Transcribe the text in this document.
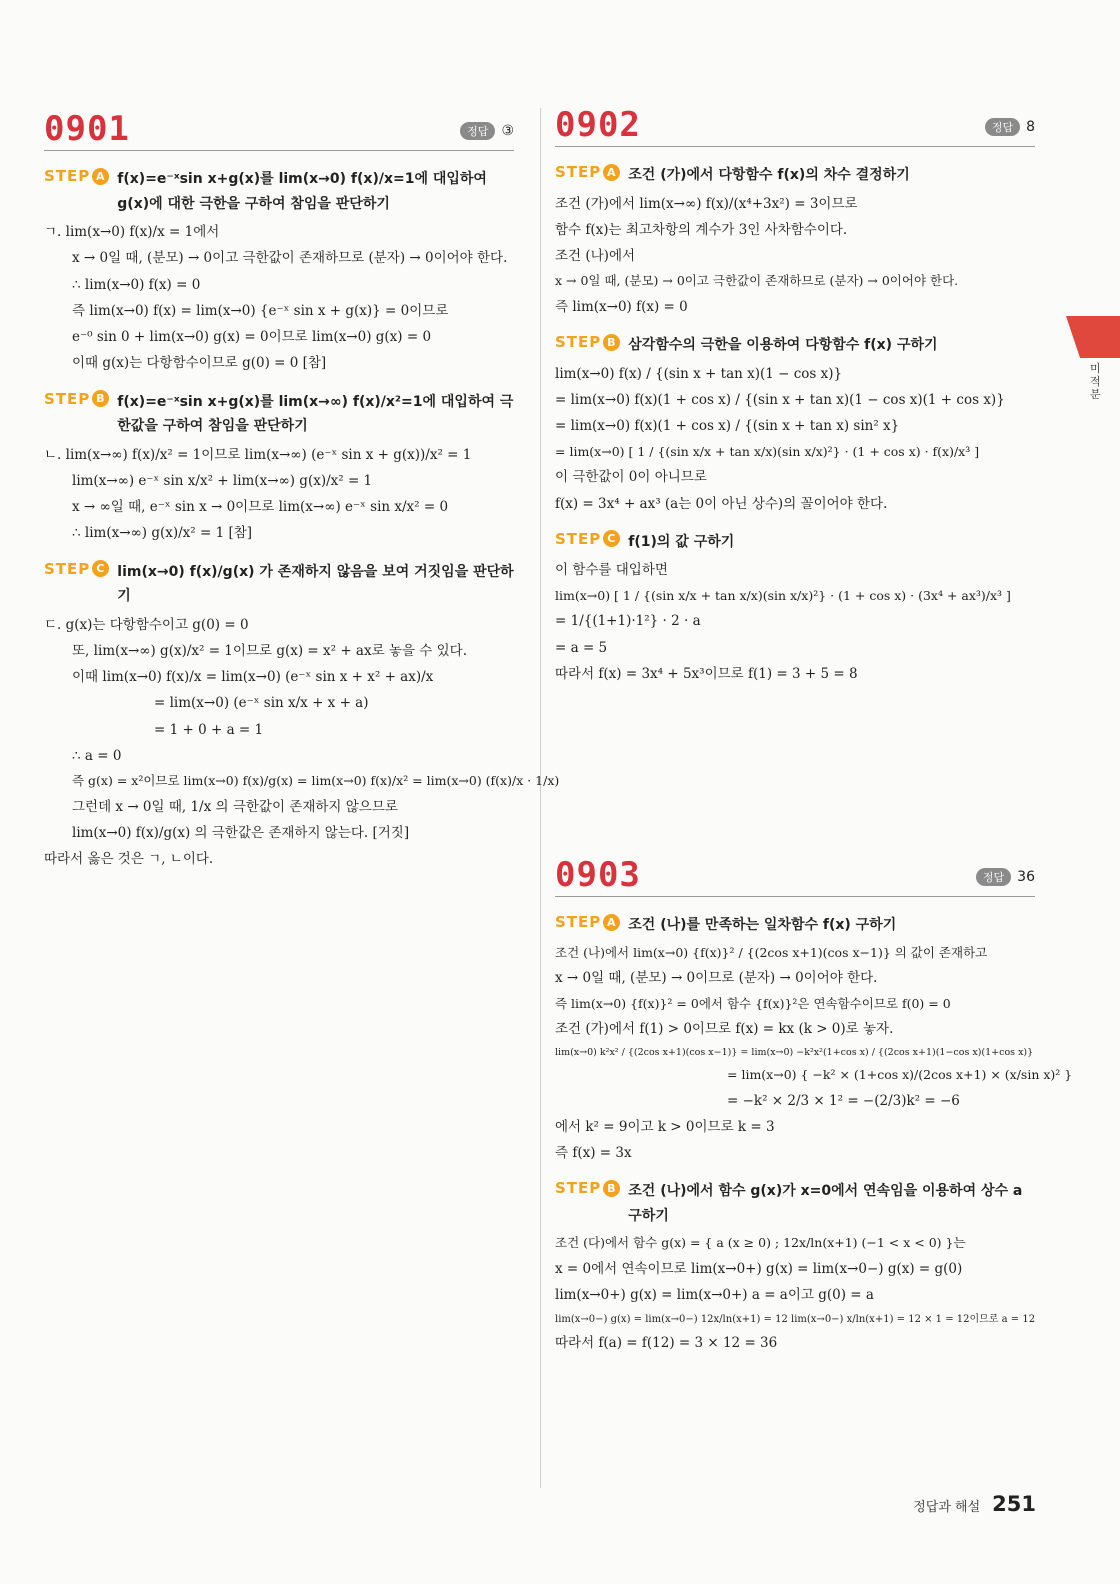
0901	정답 ③
STEP A f(x)=e⁻ˣsin x+g(x)를 lim(x→0) f(x)/x=1에 대입하여 g(x)에 대한 극한을 구하여 참임을 판단하기
ㄱ. lim(x→0) f(x)/x = 1에서
x → 0일 때, (분모) → 0이고 극한값이 존재하므로 (분자) → 0이어야 한다.
∴ lim(x→0) f(x) = 0
즉 lim(x→0) f(x) = lim(x→0) {e⁻ˣ sin x + g(x)} = 0이므로
e⁻⁰ sin 0 + lim(x→0) g(x) = 0이므로 lim(x→0) g(x) = 0
이때 g(x)는 다항함수이므로 g(0) = 0 [참]
STEP B f(x)=e⁻ˣsin x+g(x)를 lim(x→∞) f(x)/x²=1에 대입하여 극한값을 구하여 참임을 판단하기
ㄴ. lim(x→∞) f(x)/x² = 1이므로 lim(x→∞) (e⁻ˣ sin x + g(x))/x² = 1
lim(x→∞) e⁻ˣ sin x/x² + lim(x→∞) g(x)/x² = 1
x → ∞일 때, e⁻ˣ sin x → 0이므로 lim(x→∞) e⁻ˣ sin x/x² = 0
∴ lim(x→∞) g(x)/x² = 1 [참]
STEP C lim(x→0) f(x)/g(x) 가 존재하지 않음을 보여 거짓임을 판단하기
ㄷ. g(x)는 다항함수이고 g(0) = 0
또, lim(x→∞) g(x)/x² = 1이므로 g(x) = x² + ax로 놓을 수 있다.
이때 lim(x→0) f(x)/x = lim(x→0) (e⁻ˣ sin x + x² + ax)/x
= lim(x→0) (e⁻ˣ sin x/x + x + a)
= 1 + 0 + a = 1
∴ a = 0
즉 g(x) = x²이므로 lim(x→0) f(x)/g(x) = lim(x→0) f(x)/x² = lim(x→0) (f(x)/x · 1/x)
그런데 x → 0일 때, 1/x 의 극한값이 존재하지 않으므로
lim(x→0) f(x)/g(x) 의 극한값은 존재하지 않는다. [거짓]
따라서 옳은 것은 ㄱ, ㄴ이다.
0902	정답 8
STEP A 조건 (가)에서 다항함수 f(x)의 차수 결정하기
조건 (가)에서 lim(x→∞) f(x)/(x⁴+3x²) = 3이므로
함수 f(x)는 최고차항의 계수가 3인 사차함수이다.
조건 (나)에서
x → 0일 때, (분모) → 0이고 극한값이 존재하므로 (분자) → 0이어야 한다.
즉 lim(x→0) f(x) = 0
STEP B 삼각함수의 극한을 이용하여 다항함수 f(x) 구하기
lim(x→0) f(x) / {(sin x + tan x)(1 − cos x)}
= lim(x→0) f(x)(1 + cos x) / {(sin x + tan x)(1 − cos x)(1 + cos x)}
= lim(x→0) f(x)(1 + cos x) / {(sin x + tan x) sin² x}
= lim(x→0) [ 1 / {(sin x/x + tan x/x)(sin x/x)²} · (1 + cos x) · f(x)/x³ ]
이 극한값이 0이 아니므로
f(x) = 3x⁴ + ax³ (a는 0이 아닌 상수)의 꼴이어야 한다.
STEP C f(1)의 값 구하기
이 함수를 대입하면
lim(x→0) [ 1 / {(sin x/x + tan x/x)(sin x/x)²} · (1 + cos x) · (3x⁴ + ax³)/x³ ]
= 1/{(1+1)·1²} · 2 · a
= a = 5
따라서 f(x) = 3x⁴ + 5x³이므로 f(1) = 3 + 5 = 8
0903	정답 36
STEP A 조건 (나)를 만족하는 일차함수 f(x) 구하기
조건 (나)에서 lim(x→0) {f(x)}² / {(2cos x+1)(cos x−1)} 의 값이 존재하고
x → 0일 때, (분모) → 0이므로 (분자) → 0이어야 한다.
즉 lim(x→0) {f(x)}² = 0에서 함수 {f(x)}²은 연속함수이므로 f(0) = 0
조건 (가)에서 f(1) > 0이므로 f(x) = kx (k > 0)로 놓자.
lim(x→0) k²x² / {(2cos x+1)(cos x−1)} = lim(x→0) −k²x²(1+cos x) / {(2cos x+1)(1−cos x)(1+cos x)}
= lim(x→0) { −k² × (1+cos x)/(2cos x+1) × (x/sin x)² }
= −k² × 2/3 × 1² = −(2/3)k² = −6
에서 k² = 9이고 k > 0이므로 k = 3
즉 f(x) = 3x
STEP B 조건 (나)에서 함수 g(x)가 x=0에서 연속임을 이용하여 상수 a 구하기
조건 (다)에서 함수 g(x) = { a (x ≥ 0) ; 12x/ln(x+1) (−1 < x < 0) }는
x = 0에서 연속이므로 lim(x→0+) g(x) = lim(x→0−) g(x) = g(0)
lim(x→0+) g(x) = lim(x→0+) a = a이고 g(0) = a
lim(x→0−) g(x) = lim(x→0−) 12x/ln(x+1) = 12 lim(x→0−) x/ln(x+1) = 12 × 1 = 12이므로 a = 12
따라서 f(a) = f(12) = 3 × 12 = 36
미적분
정답과 해설 251
